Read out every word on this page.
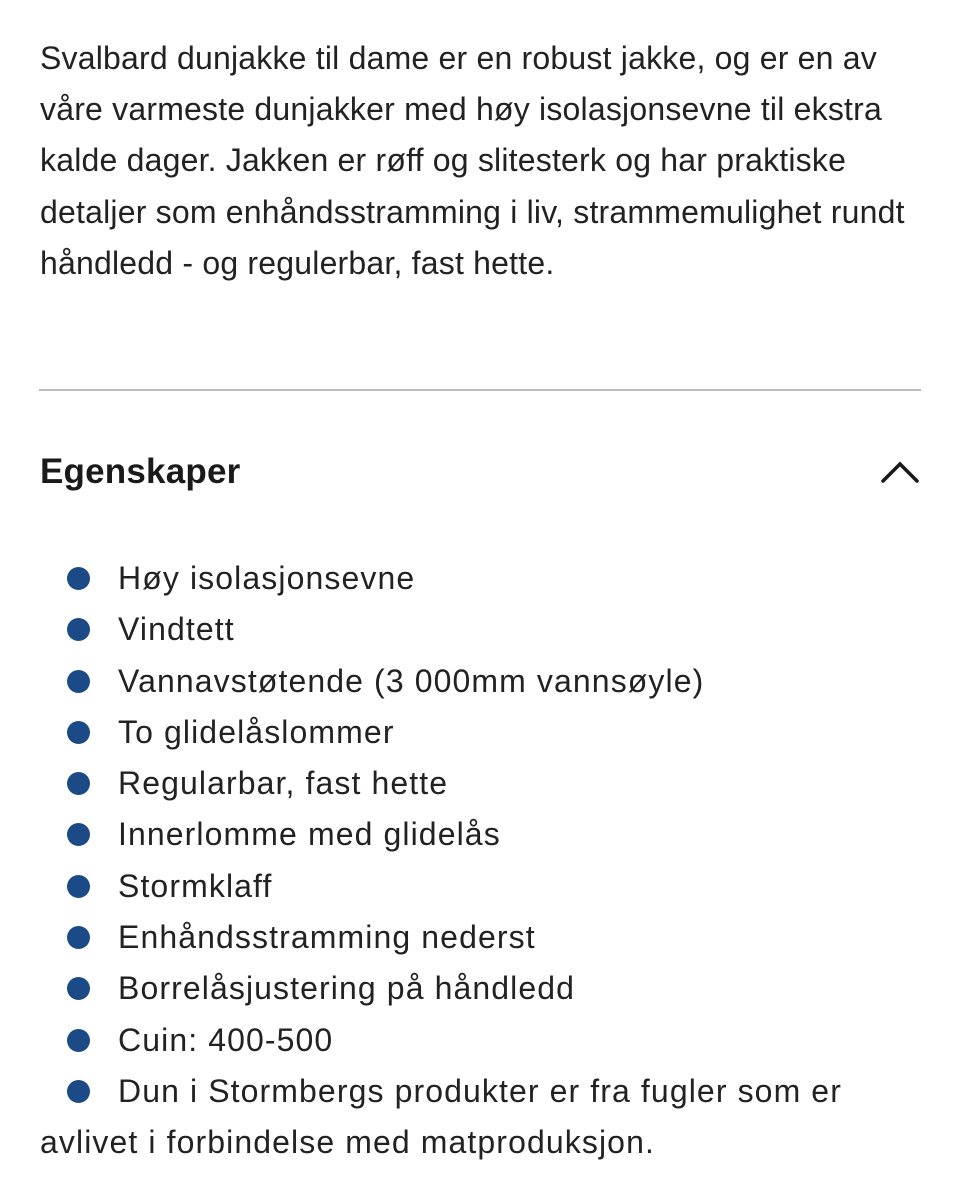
Svalbard dunjakke til dame er en robust jakke, og er en av våre varmeste dunjakker med høy isolasjonsevne til ekstra kalde dager. Jakken er røff og slitesterk og har praktiske detaljer som enhåndsstramming i liv, strammemulighet rundt håndledd - og regulerbar, fast hette.

Egenskaper
Høy isolasjonsevne
Vindtett
Vannavstøtende (3 000mm vannsøyle)
To glidelåslommer
Regularbar, fast hette
Innerlomme med glidelås
Stormklaff
Enhåndsstramming nederst
Borrelåsjustering på håndledd
Cuin: 400-500
Dun i Stormbergs produkter er fra fugler som er avlivet i forbindelse med matproduksjon.
